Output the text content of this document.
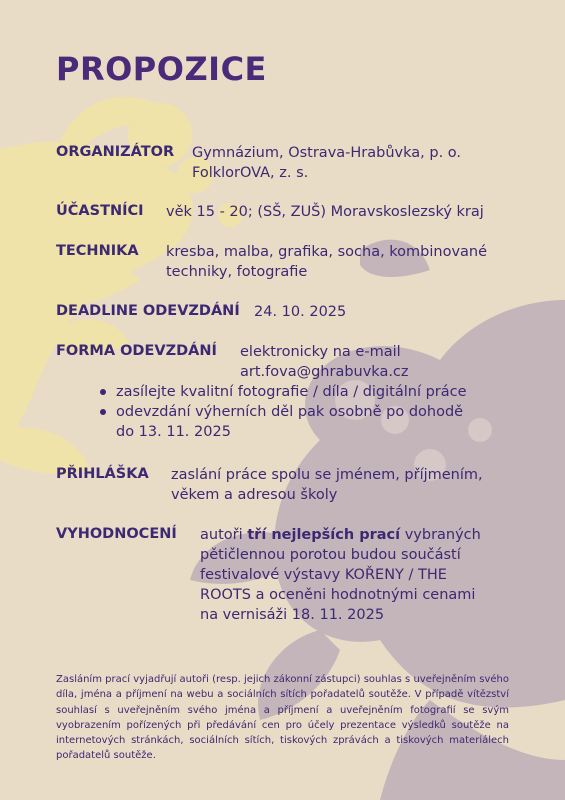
PROPOZICE
ORGANIZÁTOR Gymnázium, Ostrava-Hrabůvka, p. o.
FolklorOVA, z. s.
ÚČASTNÍCI věk 15 - 20; (SŠ, ZUŠ) Moravskoslezský kraj
TECHNIKA kresba, malba, grafika, socha, kombinované
techniky, fotografie
DEADLINE ODEVZDÁNÍ 24. 10. 2025
FORMA ODEVZDÁNÍ elektronicky na e-mail
art.fova@ghrabuvka.cz
zasílejte kvalitní fotografie / díla / digitální práce
odevzdání výherních děl pak osobně po dohodě
do 13. 11. 2025
PŘIHLÁŠKA zaslání práce spolu se jménem, příjmením,
věkem a adresou školy
VYHODNOCENÍ autoři tří nejlepších prací vybraných
pětičlennou porotou budou součástí
festivalové výstavy KOŘENY / THE
ROOTS a oceněni hodnotnými cenami
na vernisáži 18. 11. 2025
Zasláním prací vyjadřují autoři (resp. jejich zákonní zástupci) souhlas s uveřejněním svého díla, jména a příjmení na webu a sociálních sítích pořadatelů soutěže. V případě vítězství souhlasí s uveřejněním svého jména a příjmení a uveřejněním fotografií se svým vyobrazením pořízených při předávání cen pro účely prezentace výsledků soutěže na internetových stránkách, sociálních sítích, tiskových zprávách a tiskových materiálech pořadatelů soutěže.
